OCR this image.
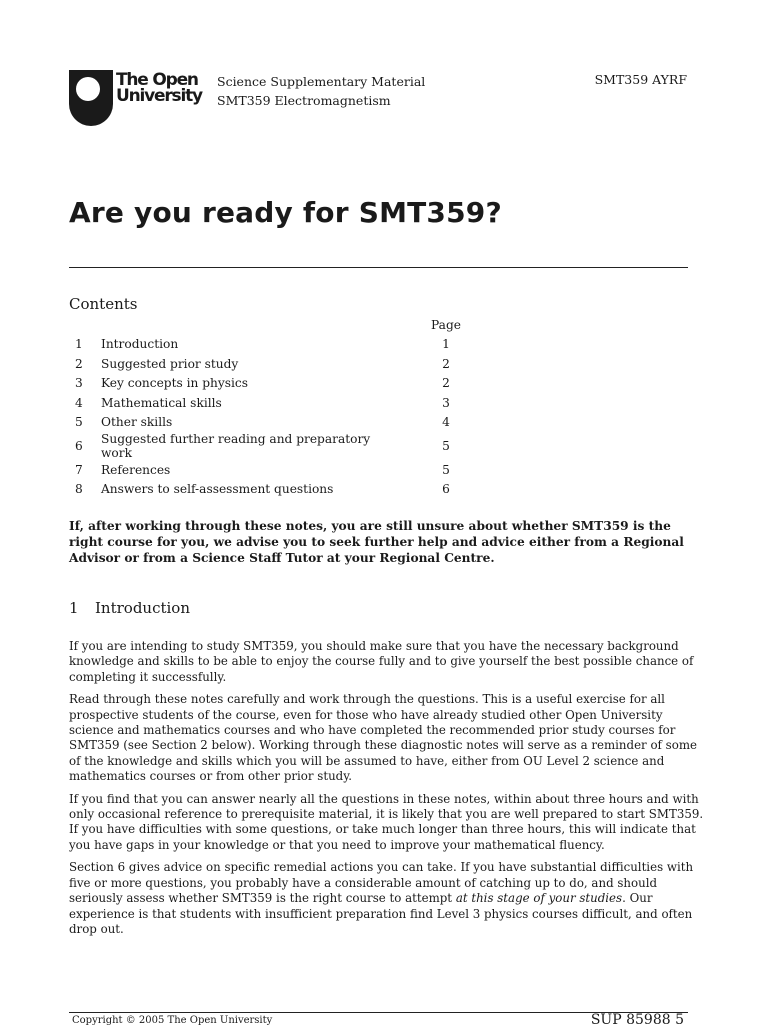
The Open
University
Science Supplementary Material
SMT359 Electromagnetism
SMT359 AYRF
Are you ready for SMT359?
Contents
		Page
1	Introduction	1
2	Suggested prior study	2
3	Key concepts in physics	2
4	Mathematical skills	3
5	Other skills	4
6	Suggested further reading and preparatory work	5
7	References	5
8	Answers to self-assessment questions	6

If, after working through these notes, you are still unsure about whether SMT359 is the right course for you, we advise you to seek further help and advice either from a Regional Advisor or from a Science Staff Tutor at your Regional Centre.

1 Introduction

If you are intending to study SMT359, you should make sure that you have the necessary background knowledge and skills to be able to enjoy the course fully and to give yourself the best possible chance of completing it successfully.

Read through these notes carefully and work through the questions. This is a useful exercise for all prospective students of the course, even for those who have already studied other Open University science and mathematics courses and who have completed the recommended prior study courses for SMT359 (see Section 2 below). Working through these diagnostic notes will serve as a reminder of some of the knowledge and skills which you will be assumed to have, either from OU Level 2 science and mathematics courses or from other prior study.

If you find that you can answer nearly all the questions in these notes, within about three hours and with only occasional reference to prerequisite material, it is likely that you are well prepared to start SMT359. If you have difficulties with some questions, or take much longer than three hours, this will indicate that you have gaps in your knowledge or that you need to improve your mathematical fluency.

Section 6 gives advice on specific remedial actions you can take. If you have substantial difficulties with five or more questions, you probably have a considerable amount of catching up to do, and should seriously assess whether SMT359 is the right course to attempt at this stage of your studies. Our experience is that students with insufficient preparation find Level 3 physics courses difficult, and often drop out.

Copyright © 2005 The Open University	SUP 85988 5
